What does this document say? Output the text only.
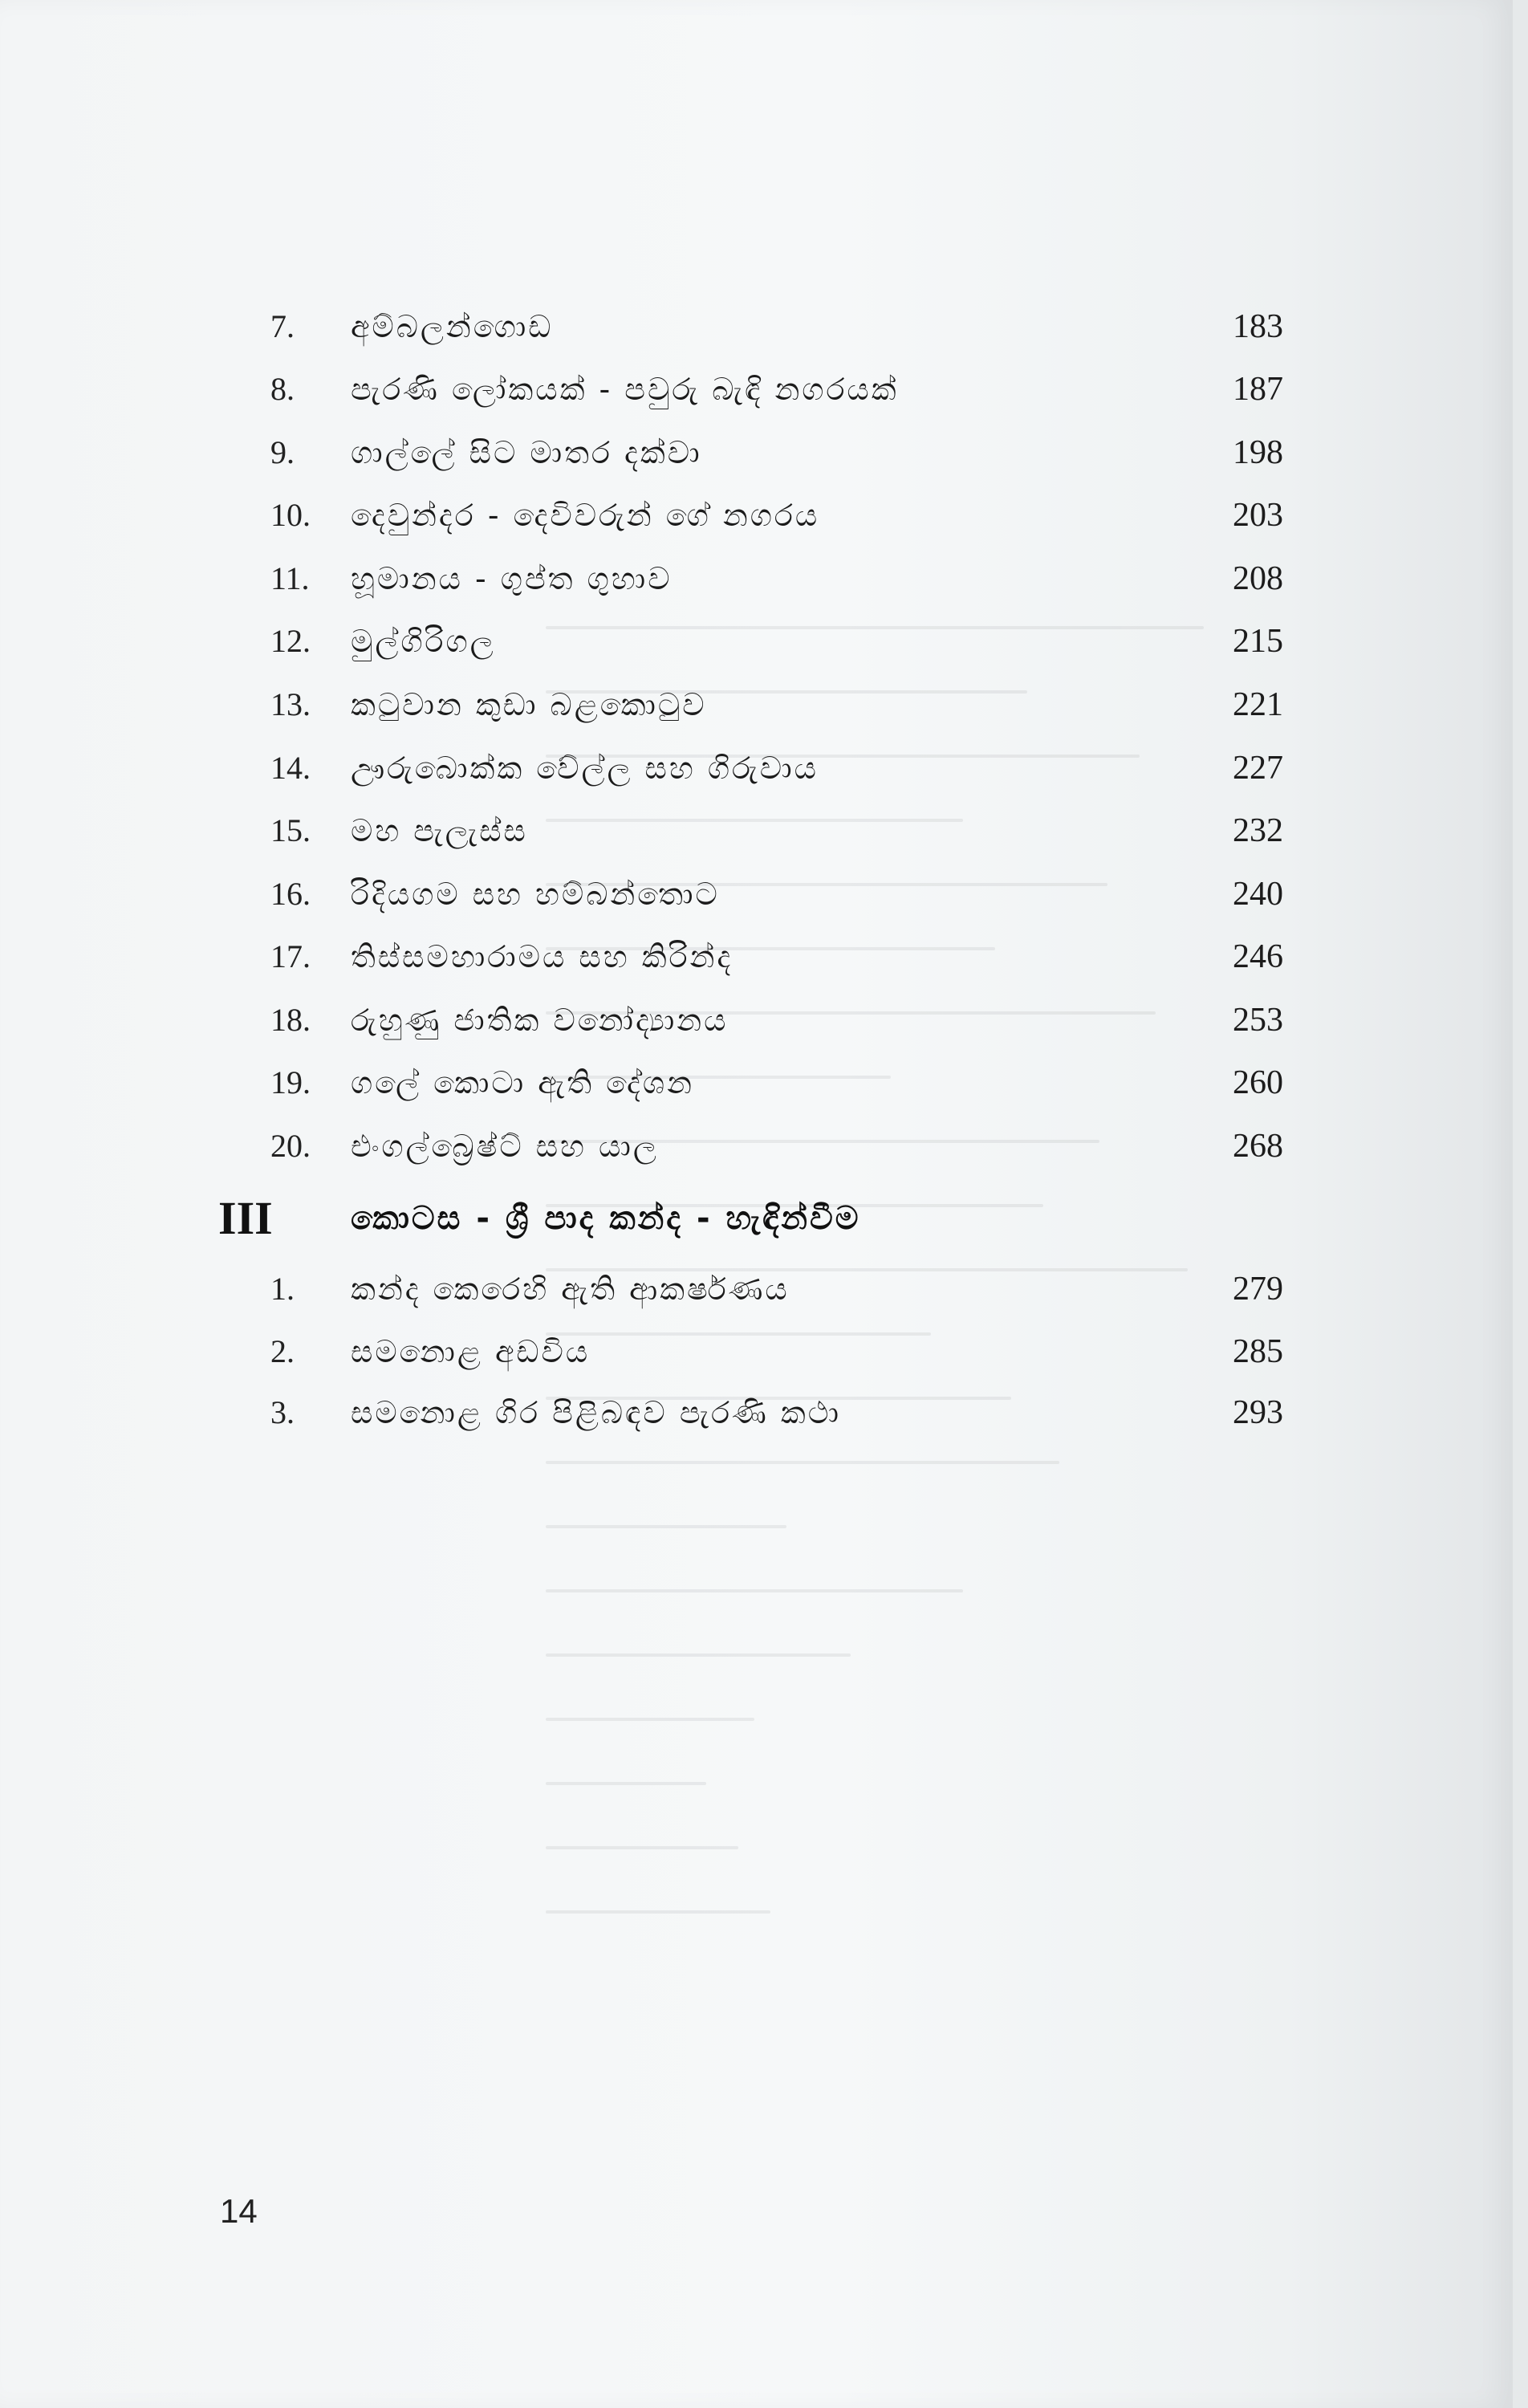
7. අම්බලන්ගොඩ	183
8. පැරණි ලෝකයක් - පවුරු බැඳි නගරයක්	187
9. ගාල්ලේ සිට මාතර දක්වා	198
10. දෙවුන්දර - දෙවිවරුන් ගේ නගරය	203
11. හූමානය - ගුප්ත ගුහාව	208
12. මුල්ගිරිගල	215
13. කටුවාන කුඩා බළකොටුව	221
14. ඌරුබොක්ක වේල්ල සහ ගිරුවාය	227
15. මහ පැලැස්ස	232
16. රිදියගම සහ හම්බන්තොට	240
17. තිස්සමහාරාමය සහ කිරින්ද	246
18. රුහුණු ජාතික වනෝද්‍යානය	253
19. ගලේ කොටා ඇති දේශන	260
20. එංගල්බ්‍රෙෂ්ට් සහ යාල	268
III කොටස - ශ්‍රී පාද කන්ද - හැඳින්වීම
1. කන්ද කෙරෙහි ඇති ආකර්ෂණය	279
2. සමනොළ අඩවිය	285
3. සමනොළ ගිර පිළිබඳව පැරණි කථා	293
14
